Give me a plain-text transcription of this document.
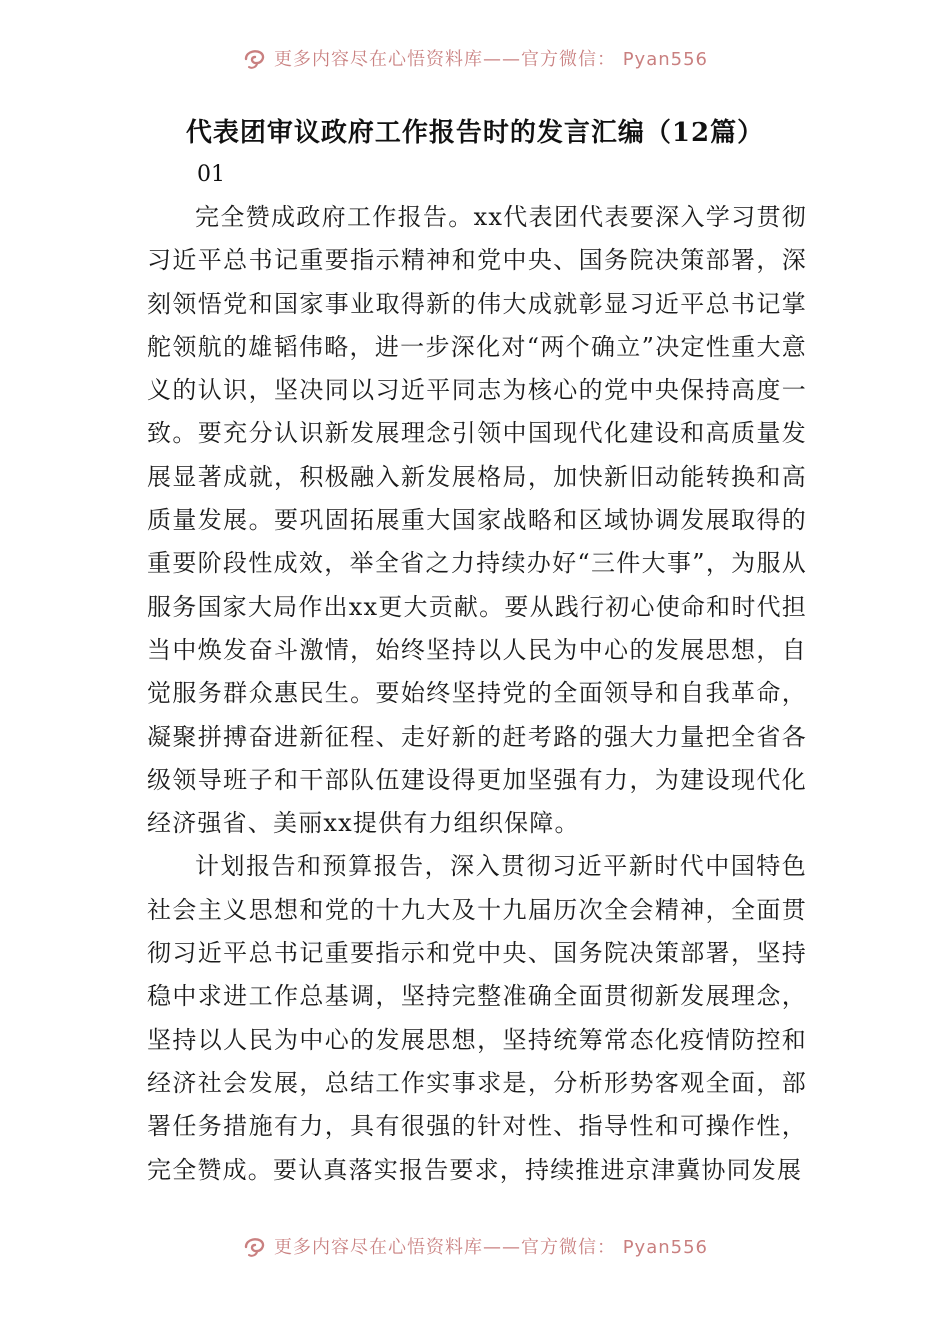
更多内容尽在心悟资料库——官方微信： Pyan556
代表团审议政府工作报告时的发言汇编（12篇）
01

完全赞成政府工作报告。xx代表团代表要深入学习贯彻习近平总书记重要指示精神和党中央、国务院决策部署，深刻领悟党和国家事业取得新的伟大成就彰显习近平总书记掌舵领航的雄韬伟略，进一步深化对“两个确立”决定性重大意义的认识，坚决同以习近平同志为核心的党中央保持高度一致。要充分认识新发展理念引领中国现代化建设和高质量发展显著成就，积极融入新发展格局，加快新旧动能转换和高质量发展。要巩固拓展重大国家战略和区域协调发展取得的重要阶段性成效，举全省之力持续办好“三件大事”，为服从服务国家大局作出xx更大贡献。要从践行初心使命和时代担当中焕发奋斗激情，始终坚持以人民为中心的发展思想，自觉服务群众惠民生。要始终坚持党的全面领导和自我革命，凝聚拼搏奋进新征程、走好新的赶考路的强大力量把全省各级领导班子和干部队伍建设得更加坚强有力，为建设现代化经济强省、美丽xx提供有力组织保障。

计划报告和预算报告，深入贯彻习近平新时代中国特色社会主义思想和党的十九大及十九届历次全会精神，全面贯彻习近平总书记重要指示和党中央、国务院决策部署，坚持稳中求进工作总基调，坚持完整准确全面贯彻新发展理念，坚持以人民为中心的发展思想，坚持统筹常态化疫情防控和经济社会发展，总结工作实事求是，分析形势客观全面，部署任务措施有力，具有很强的针对性、指导性和可操作性，完全赞成。要认真落实报告要求，持续推进京津冀协同发展

更多内容尽在心悟资料库——官方微信： Pyan556
